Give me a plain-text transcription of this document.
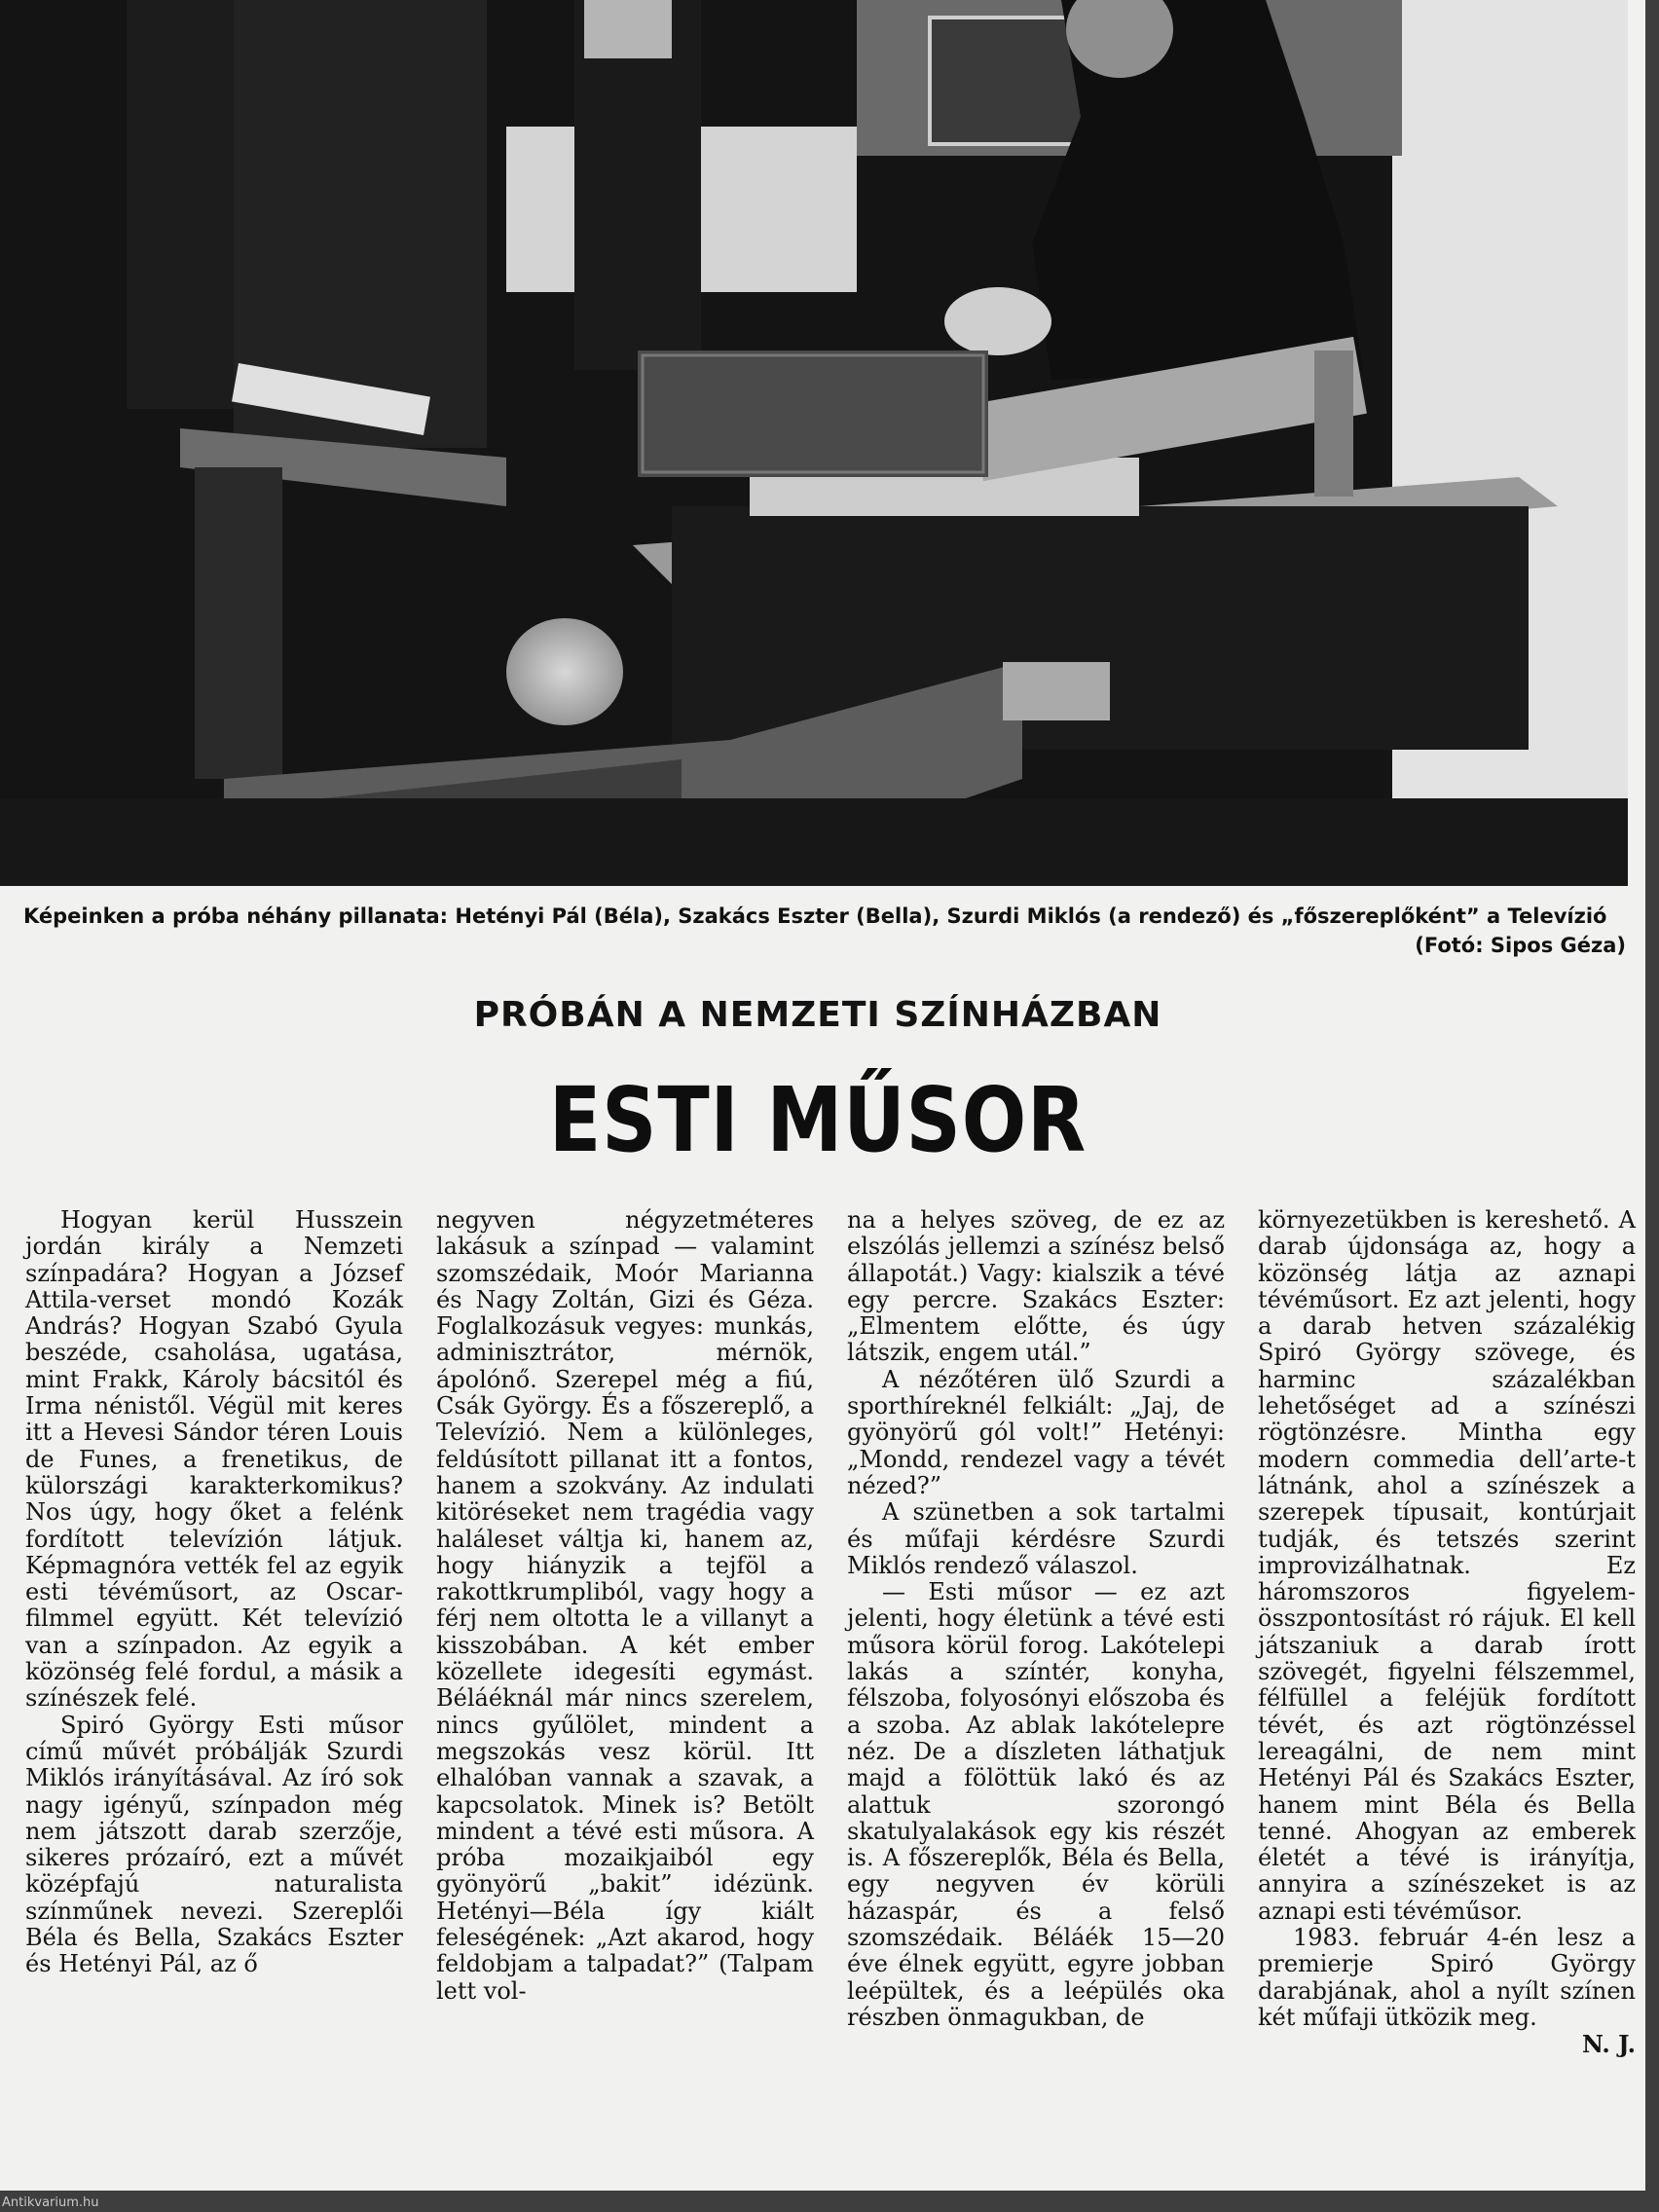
Képeinken a próba néhány pillanata: Hetényi Pál (Béla), Szakács Eszter (Bella), Szurdi Miklós (a rendező) és „főszereplőként” a Televízió
(Fotó: Sipos Géza)
PRÓBÁN A NEMZETI SZÍNHÁZBAN
ESTI MŰSOR

Hogyan kerül Husszein jordán király a Nemzeti színpadára? Hogyan a József Attila-verset mondó Kozák András? Hogyan Szabó Gyula beszéde, csaholása, ugatása, mint Frakk, Károly bácsitól és Irma nénistől. Végül mit keres itt a Hevesi Sándor téren Louis de Funes, a frenetikus, de külországi karakterkomikus? Nos úgy, hogy őket a felénk fordított televízión látjuk. Képmagnóra vették fel az egyik esti tévéműsort, az Oscar-filmmel együtt. Két televízió van a színpadon. Az egyik a közönség felé fordul, a másik a színészek felé.

Spiró György Esti műsor című művét próbálják Szurdi Miklós irányításával. Az író sok nagy igényű, színpadon még nem játszott darab szerzője, sikeres prózaíró, ezt a művét középfajú naturalista színműnek nevezi. Szereplői Béla és Bella, Szakács Eszter és Hetényi Pál, az ő

negyven négyzetméteres lakásuk a színpad — valamint szomszédaik, Moór Marianna és Nagy Zoltán, Gizi és Géza. Foglalkozásuk vegyes: munkás, adminisztrátor, mérnök, ápolónő. Szerepel még a fiú, Csák György. És a főszereplő, a Televízió. Nem a különleges, feldúsított pillanat itt a fontos, hanem a szokvány. Az indulati kitöréseket nem tragédia vagy haláleset váltja ki, hanem az, hogy hiányzik a tejföl a rakottkrumpliból, vagy hogy a férj nem oltotta le a villanyt a kisszobában. A két ember közellete idegesíti egymást. Béláéknál már nincs szerelem, nincs gyűlölet, mindent a megszokás vesz körül. Itt elhalóban vannak a szavak, a kapcsolatok. Minek is? Betölt mindent a tévé esti műsora. A próba mozaikjaiból egy gyönyörű „bakit” idézünk. Hetényi—Béla így kiált feleségének: „Azt akarod, hogy feldobjam a talpadat?” (Talpam lett vol-

na a helyes szöveg, de ez az elszólás jellemzi a színész belső állapotát.) Vagy: kialszik a tévé egy percre. Szakács Eszter: „Elmentem előtte, és úgy látszik, engem utál.”

A nézőtéren ülő Szurdi a sporthíreknél felkiált: „Jaj, de gyönyörű gól volt!” Hetényi: „Mondd, rendezel vagy a tévét nézed?”

A szünetben a sok tartalmi és műfaji kérdésre Szurdi Miklós rendező válaszol.

— Esti műsor — ez azt jelenti, hogy életünk a tévé esti műsora körül forog. Lakótelepi lakás a színtér, konyha, félszoba, folyosónyi előszoba és a szoba. Az ablak lakótelepre néz. De a díszleten láthatjuk majd a fölöttük lakó és az alattuk szorongó skatulyalakások egy kis részét is. A főszereplők, Béla és Bella, egy negyven év körüli házaspár, és a felső szomszédaik. Béláék 15—20 éve élnek együtt, egyre jobban leépültek, és a leépülés oka részben önmagukban, de

környezetükben is kereshető. A darab újdonsága az, hogy a közönség látja az aznapi tévéműsort. Ez azt jelenti, hogy a darab hetven százalékig Spiró György szövege, és harminc százalékban lehetőséget ad a színészi rögtönzésre. Mintha egy modern commedia dell’arte-t látnánk, ahol a színészek a szerepek típusait, kontúrjait tudják, és tetszés szerint improvizálhatnak. Ez háromszoros figyelem-összpontosítást ró rájuk. El kell játszaniuk a darab írott szövegét, figyelni félszemmel, félfüllel a feléjük fordított tévét, és azt rögtönzéssel lereagálni, de nem mint Hetényi Pál és Szakács Eszter, hanem mint Béla és Bella tenné. Ahogyan az emberek életét a tévé is irányítja, annyira a színészeket is az aznapi esti tévéműsor.

1983. február 4-én lesz a premierje Spiró György darabjának, ahol a nyílt színen két műfaji ütközik meg.

N. J.

Antikvarium.hu
